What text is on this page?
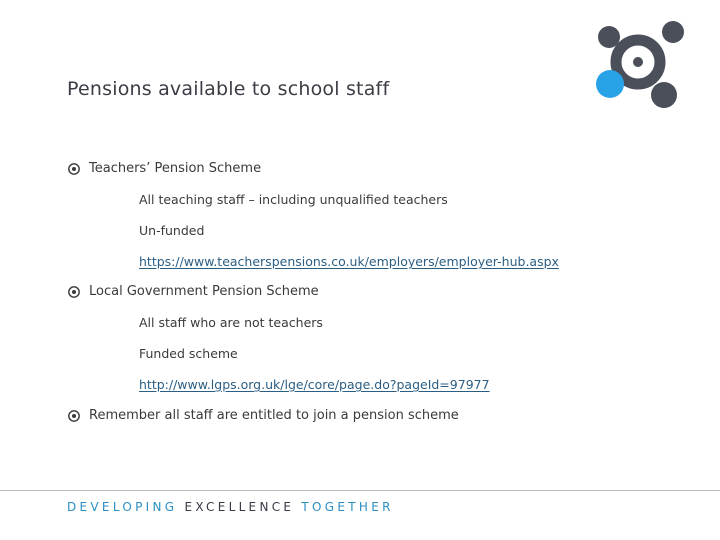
Pensions available to school staff
Teachers’ Pension Scheme
All teaching staff – including unqualified teachers
Un-funded
https://www.teacherspensions.co.uk/employers/employer-hub.aspx
Local Government Pension Scheme
All staff who are not teachers
Funded scheme
http://www.lgps.org.uk/lge/core/page.do?pageId=97977
Remember all staff are entitled to join a pension scheme
DEVELOPING EXCELLENCE TOGETHER
